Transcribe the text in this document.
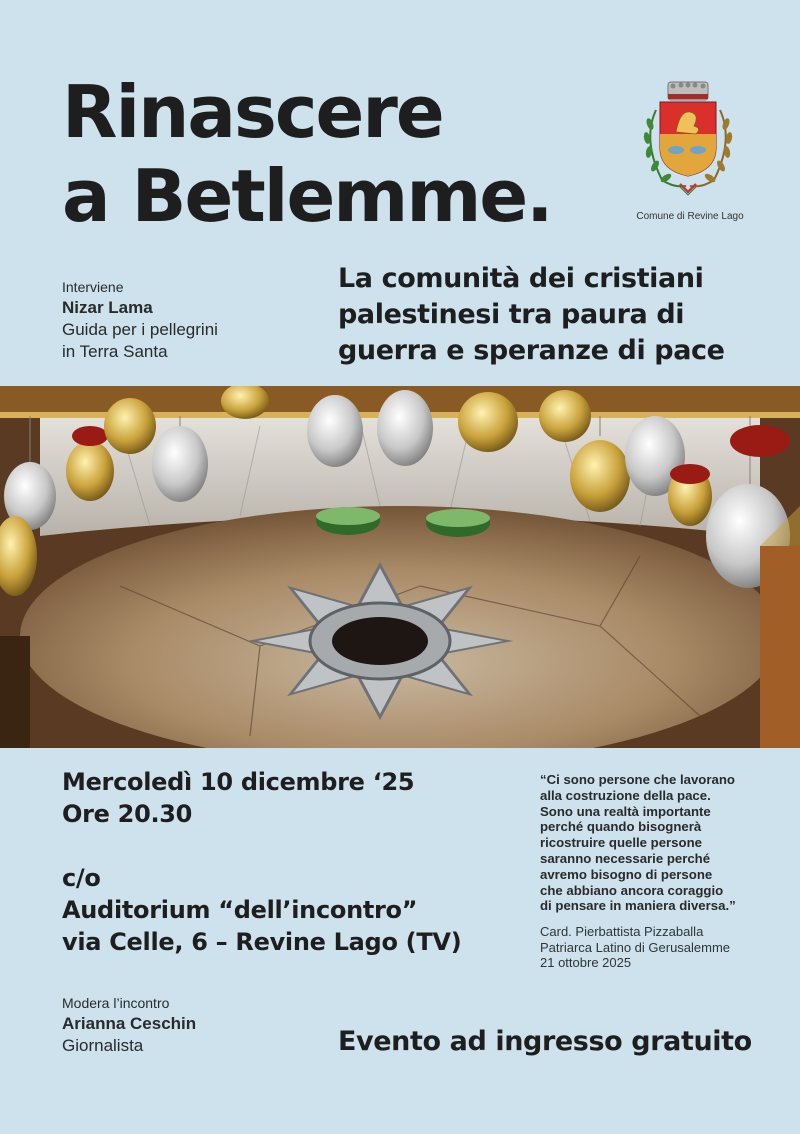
Rinascere
a Betlemme.	Comune di Revine Lago
Interviene
Nizar Lama
Guida per i pellegrini
in Terra Santa
La comunità dei cristiani
palestinesi tra paura di
guerra e speranze di pace
Mercoledì 10 dicembre ‘25
Ore 20.30
c/o
Auditorium “dell’incontro”
via Celle, 6 – Revine Lago (TV)
“Ci sono persone che lavorano
alla costruzione della pace.
Sono una realtà importante
perché quando bisognerà
ricostruire quelle persone
saranno necessarie perché
avremo bisogno di persone
che abbiano ancora coraggio
di pensare in maniera diversa.”
Card. Pierbattista Pizzaballa
Patriarca Latino di Gerusalemme
21 ottobre 2025
Modera l’incontro
Arianna Ceschin
Giornalista	Evento ad ingresso gratuito
